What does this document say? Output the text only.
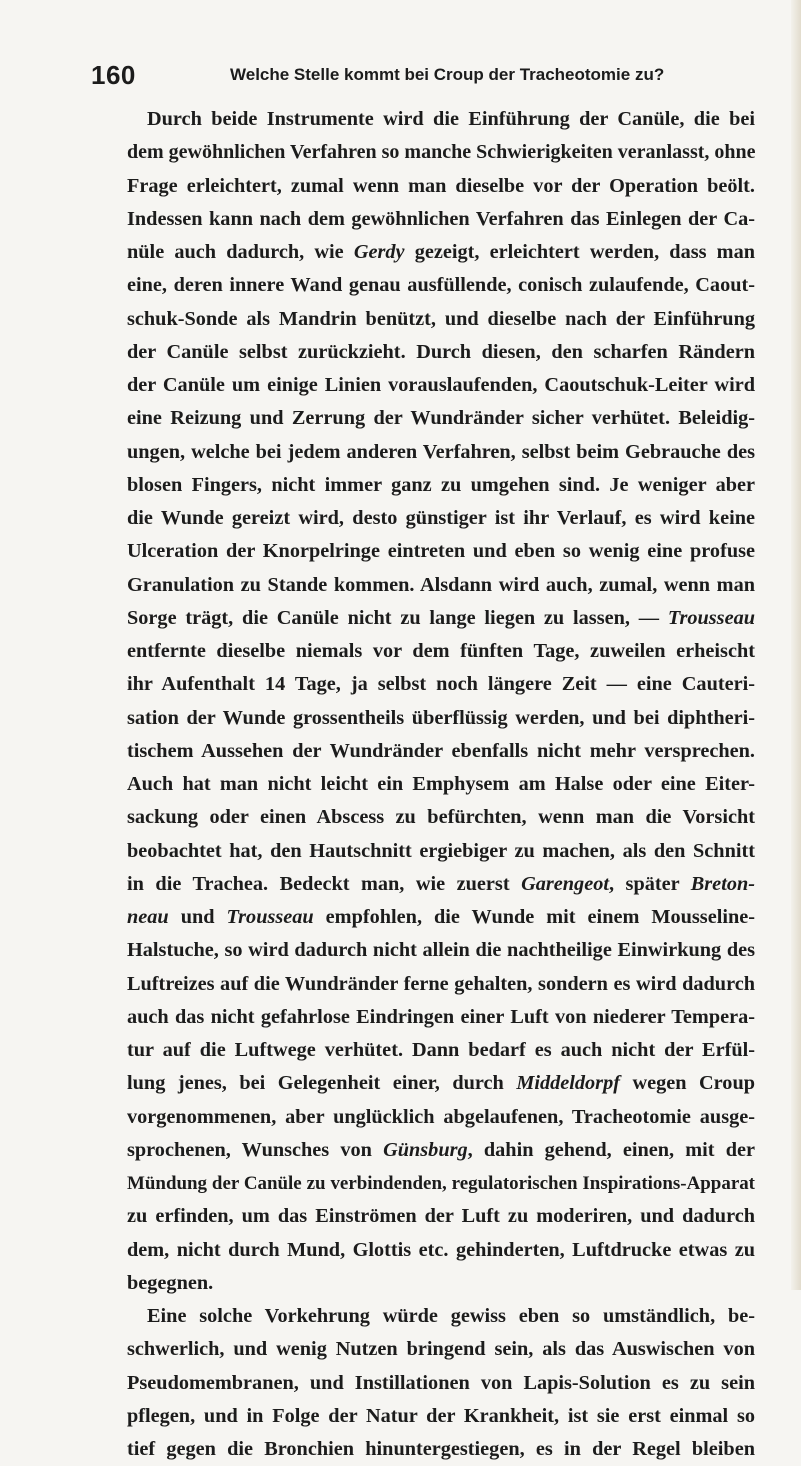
160	Welche Stelle kommt bei Croup der Tracheotomie zu?
Durch beide Instrumente wird die Einführung der Canüle, die bei
dem gewöhnlichen Verfahren so manche Schwierigkeiten veranlasst, ohne
Frage erleichtert, zumal wenn man dieselbe vor der Operation beölt.
Indessen kann nach dem gewöhnlichen Verfahren das Einlegen der Ca-
nüle auch dadurch, wie Gerdy gezeigt, erleichtert werden, dass man
eine, deren innere Wand genau ausfüllende, conisch zulaufende, Caout-
schuk-Sonde als Mandrin benützt, und dieselbe nach der Einführung
der Canüle selbst zurückzieht. Durch diesen, den scharfen Rändern
der Canüle um einige Linien vorauslaufenden, Caoutschuk-Leiter wird
eine Reizung und Zerrung der Wundränder sicher verhütet. Beleidig-
ungen, welche bei jedem anderen Verfahren, selbst beim Gebrauche des
blosen Fingers, nicht immer ganz zu umgehen sind. Je weniger aber
die Wunde gereizt wird, desto günstiger ist ihr Verlauf, es wird keine
Ulceration der Knorpelringe eintreten und eben so wenig eine profuse
Granulation zu Stande kommen. Alsdann wird auch, zumal, wenn man
Sorge trägt, die Canüle nicht zu lange liegen zu lassen, — Trousseau
entfernte dieselbe niemals vor dem fünften Tage, zuweilen erheischt
ihr Aufenthalt 14 Tage, ja selbst noch längere Zeit — eine Cauteri-
sation der Wunde grossentheils überflüssig werden, und bei diphtheri-
tischem Aussehen der Wundränder ebenfalls nicht mehr versprechen.
Auch hat man nicht leicht ein Emphysem am Halse oder eine Eiter-
sackung oder einen Abscess zu befürchten, wenn man die Vorsicht
beobachtet hat, den Hautschnitt ergiebiger zu machen, als den Schnitt
in die Trachea. Bedeckt man, wie zuerst Garengeot, später Breton-
neau und Trousseau empfohlen, die Wunde mit einem Mousseline-
Halstuche, so wird dadurch nicht allein die nachtheilige Einwirkung des
Luftreizes auf die Wundränder ferne gehalten, sondern es wird dadurch
auch das nicht gefahrlose Eindringen einer Luft von niederer Tempera-
tur auf die Luftwege verhütet. Dann bedarf es auch nicht der Erfül-
lung jenes, bei Gelegenheit einer, durch Middeldorpf wegen Croup
vorgenommenen, aber unglücklich abgelaufenen, Tracheotomie ausge-
sprochenen, Wunsches von Günsburg, dahin gehend, einen, mit der
Mündung der Canüle zu verbindenden, regulatorischen Inspirations-Apparat
zu erfinden, um das Einströmen der Luft zu moderiren, und dadurch
dem, nicht durch Mund, Glottis etc. gehinderten, Luftdrucke etwas zu
begegnen.
Eine solche Vorkehrung würde gewiss eben so umständlich, be-
schwerlich, und wenig Nutzen bringend sein, als das Auswischen von
Pseudomembranen, und Instillationen von Lapis-Solution es zu sein
pflegen, und in Folge der Natur der Krankheit, ist sie erst einmal so
tief gegen die Bronchien hinuntergestiegen, es in der Regel bleiben
